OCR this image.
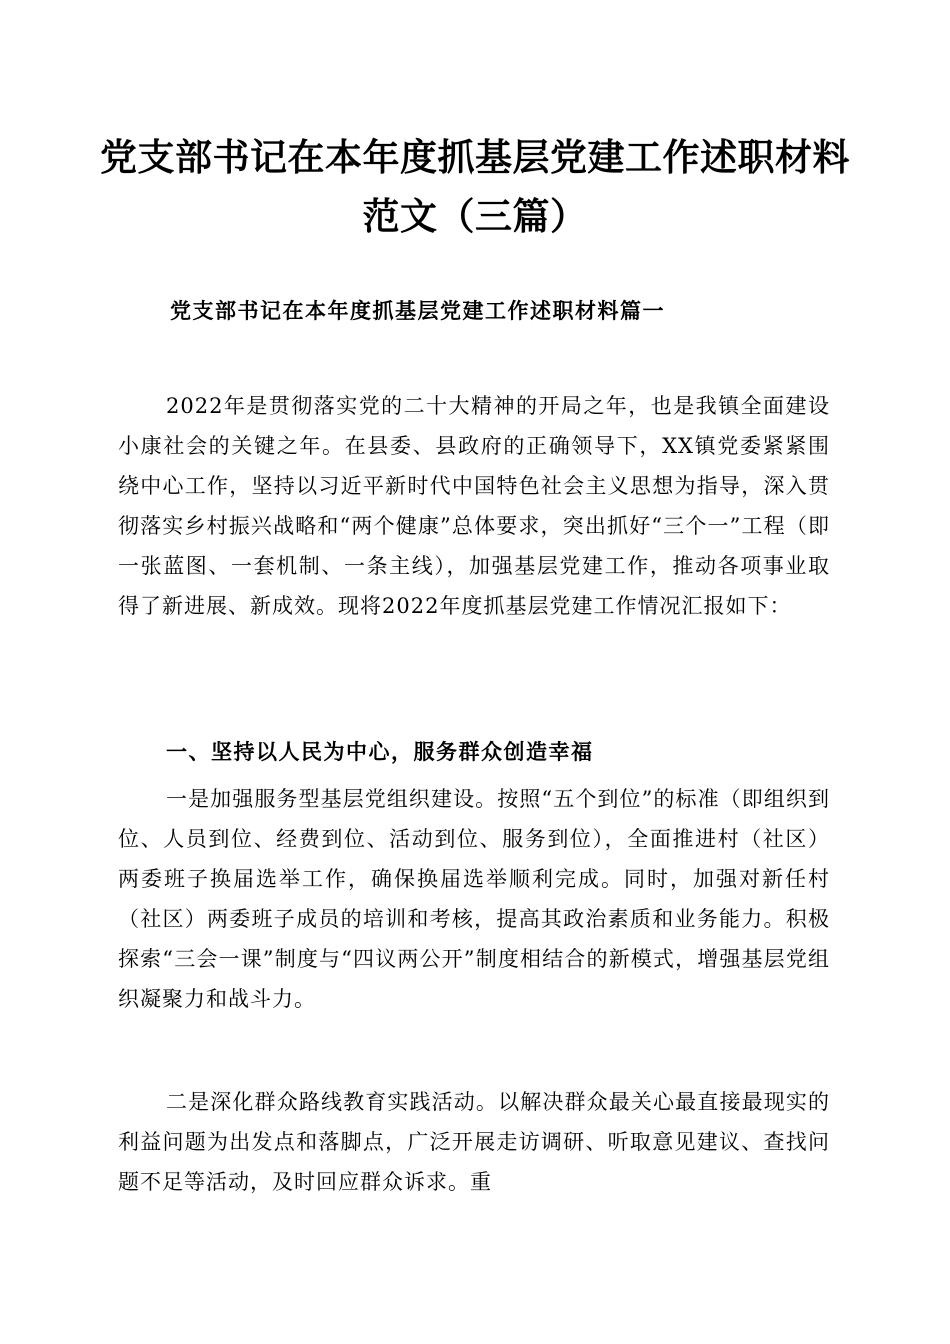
党支部书记在本年度抓基层党建工作述职材料
范文（三篇）
党支部书记在本年度抓基层党建工作述职材料篇一

2022年是贯彻落实党的二十大精神的开局之年，也是我镇全面建设小康社会的关键之年。在县委、县政府的正确领导下，XX镇党委紧紧围绕中心工作，坚持以习近平新时代中国特色社会主义思想为指导，深入贯彻落实乡村振兴战略和“两个健康”总体要求，突出抓好“三个一”工程（即一张蓝图、一套机制、一条主线），加强基层党建工作，推动各项事业取得了新进展、新成效。现将2022年度抓基层党建工作情况汇报如下：

一、坚持以人民为中心，服务群众创造幸福

一是加强服务型基层党组织建设。按照“五个到位”的标准（即组织到位、人员到位、经费到位、活动到位、服务到位），全面推进村（社区）两委班子换届选举工作，确保换届选举顺利完成。同时，加强对新任村（社区）两委班子成员的培训和考核，提高其政治素质和业务能力。积极探索“三会一课”制度与“四议两公开”制度相结合的新模式，增强基层党组织凝聚力和战斗力。

二是深化群众路线教育实践活动。以解决群众最关心最直接最现实的利益问题为出发点和落脚点，广泛开展走访调研、听取意见建议、查找问题不足等活动，及时回应群众诉求。重
